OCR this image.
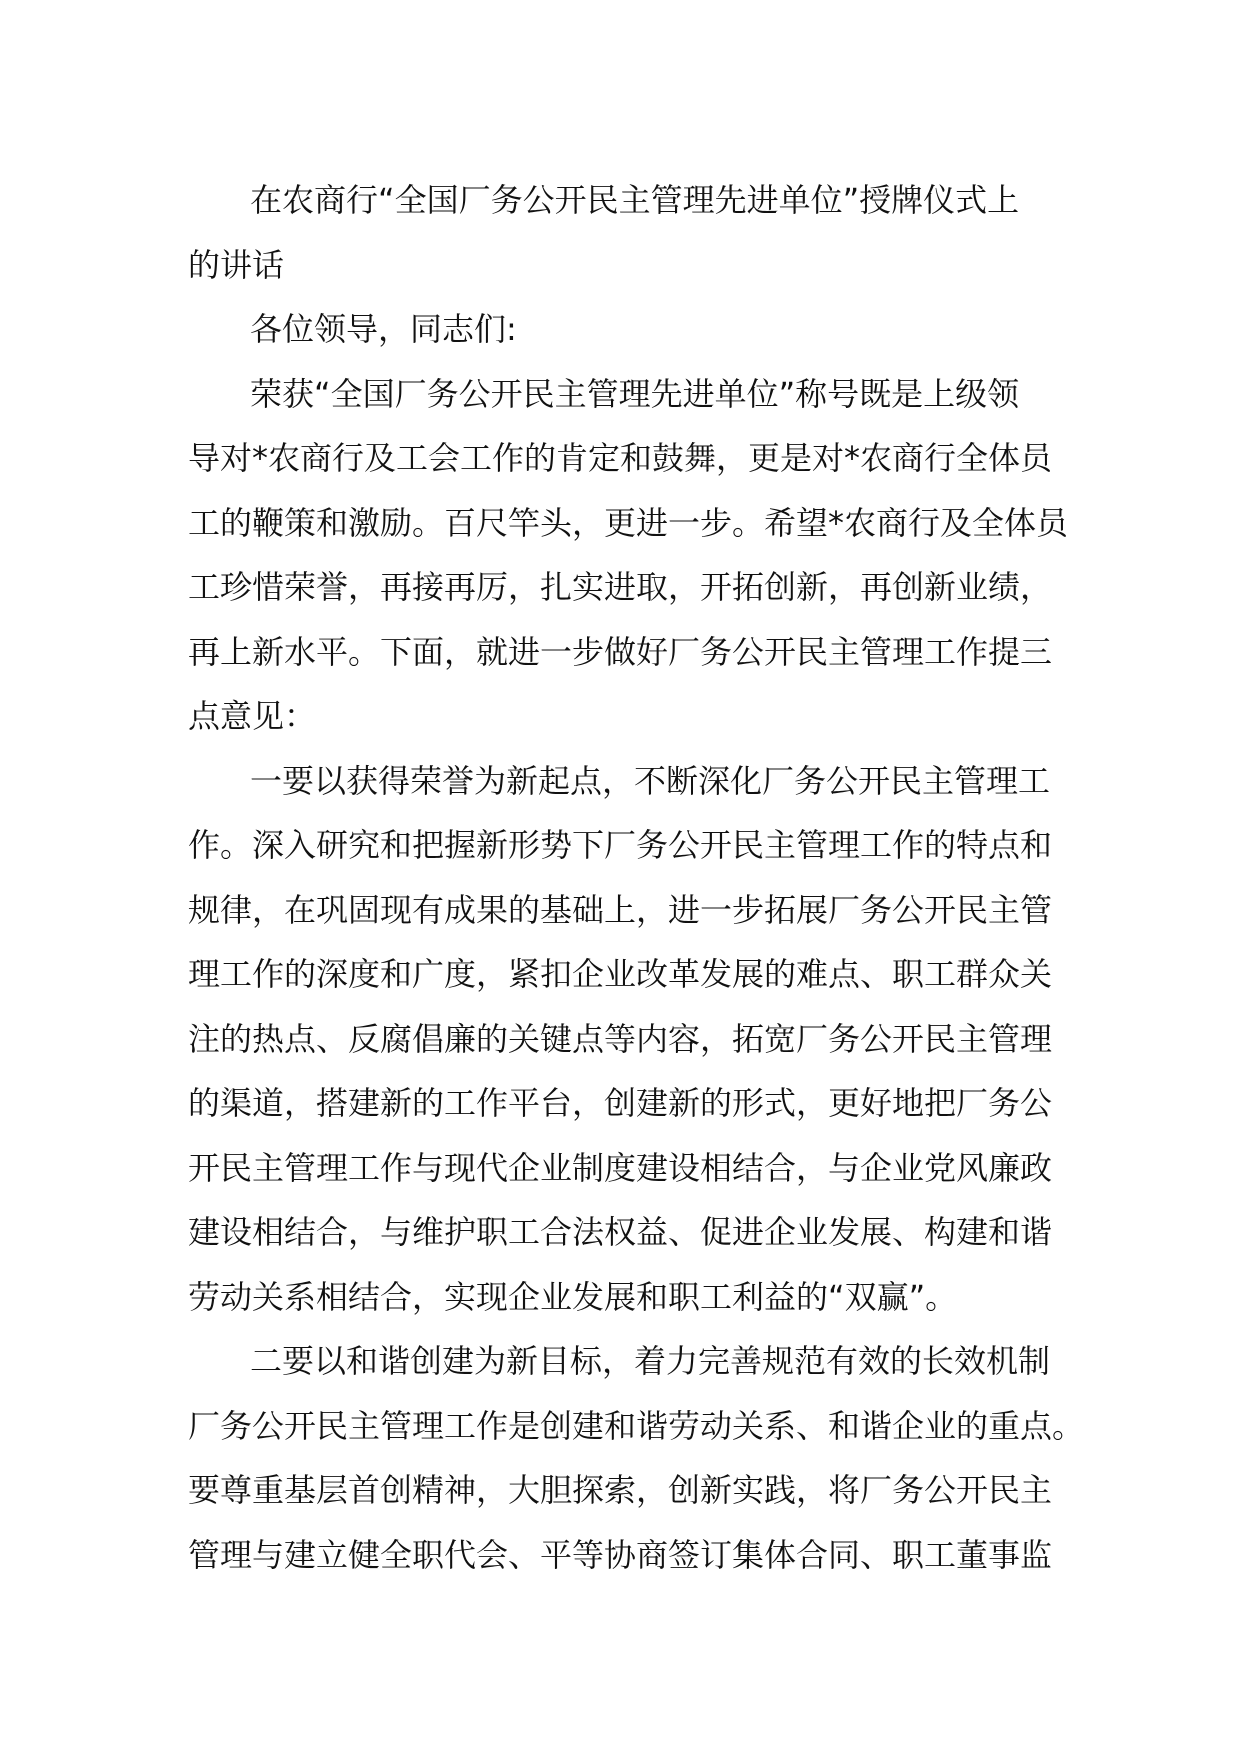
在农商行“全国厂务公开民主管理先进单位”授牌仪式上
的讲话
各位领导，同志们:
荣获“全国厂务公开民主管理先进单位”称号既是上级领
导对*农商行及工会工作的肯定和鼓舞，更是对*农商行全体员
工的鞭策和激励。百尺竿头，更进一步。希望*农商行及全体员
工珍惜荣誉，再接再厉，扎实进取，开拓创新，再创新业绩，
再上新水平。下面，就进一步做好厂务公开民主管理工作提三
点意见：
一要以获得荣誉为新起点，不断深化厂务公开民主管理工
作。深入研究和把握新形势下厂务公开民主管理工作的特点和
规律，在巩固现有成果的基础上，进一步拓展厂务公开民主管
理工作的深度和广度，紧扣企业改革发展的难点、职工群众关
注的热点、反腐倡廉的关键点等内容，拓宽厂务公开民主管理
的渠道，搭建新的工作平台，创建新的形式，更好地把厂务公
开民主管理工作与现代企业制度建设相结合，与企业党风廉政
建设相结合，与维护职工合法权益、促进企业发展、构建和谐
劳动关系相结合，实现企业发展和职工利益的“双赢”。
二要以和谐创建为新目标，着力完善规范有效的长效机制
厂务公开民主管理工作是创建和谐劳动关系、和谐企业的重点。
要尊重基层首创精神，大胆探索，创新实践，将厂务公开民主
管理与建立健全职代会、平等协商签订集体合同、职工董事监
